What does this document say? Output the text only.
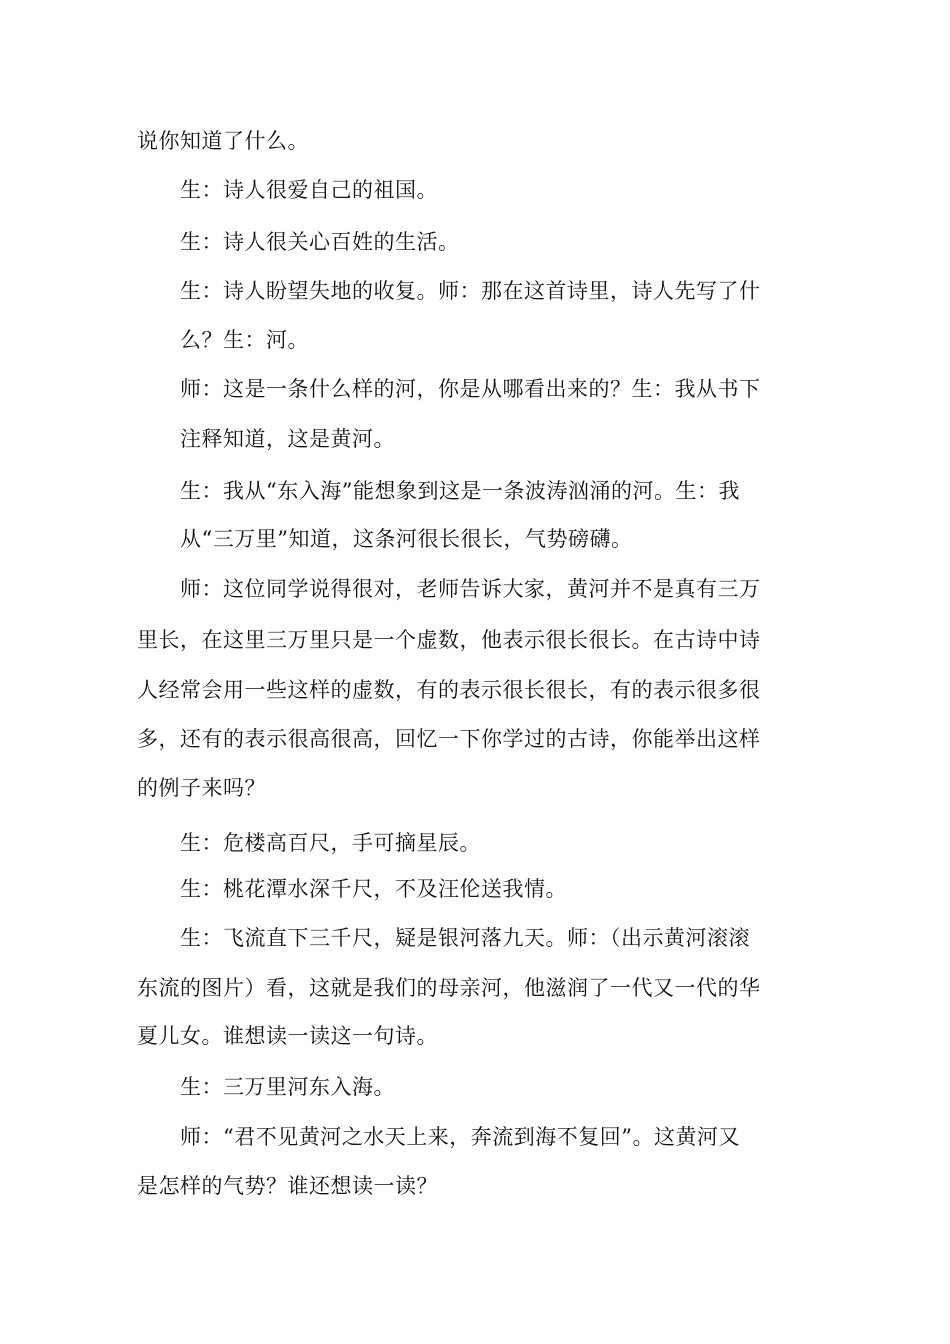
说你知道了什么。
生：诗人很爱自己的祖国。
生：诗人很关心百姓的生活。
生：诗人盼望失地的收复。师：那在这首诗里，诗人先写了什
么？生：河。
师：这是一条什么样的河，你是从哪看出来的？生：我从书下
注释知道，这是黄河。
生：我从“东入海”能想象到这是一条波涛汹涌的河。生：我
从“三万里”知道，这条河很长很长，气势磅礴。
师：这位同学说得很对，老师告诉大家，黄河并不是真有三万
里长，在这里三万里只是一个虚数，他表示很长很长。在古诗中诗
人经常会用一些这样的虚数，有的表示很长很长，有的表示很多很
多，还有的表示很高很高，回忆一下你学过的古诗，你能举出这样
的例子来吗？
生：危楼高百尺，手可摘星辰。
生：桃花潭水深千尺，不及汪伦送我情。
生：飞流直下三千尺，疑是银河落九天。师：（出示黄河滚滚
东流的图片）看，这就是我们的母亲河，他滋润了一代又一代的华
夏儿女。谁想读一读这一句诗。
生：三万里河东入海。
师：“君不见黄河之水天上来，奔流到海不复回”。这黄河又
是怎样的气势？谁还想读一读？
